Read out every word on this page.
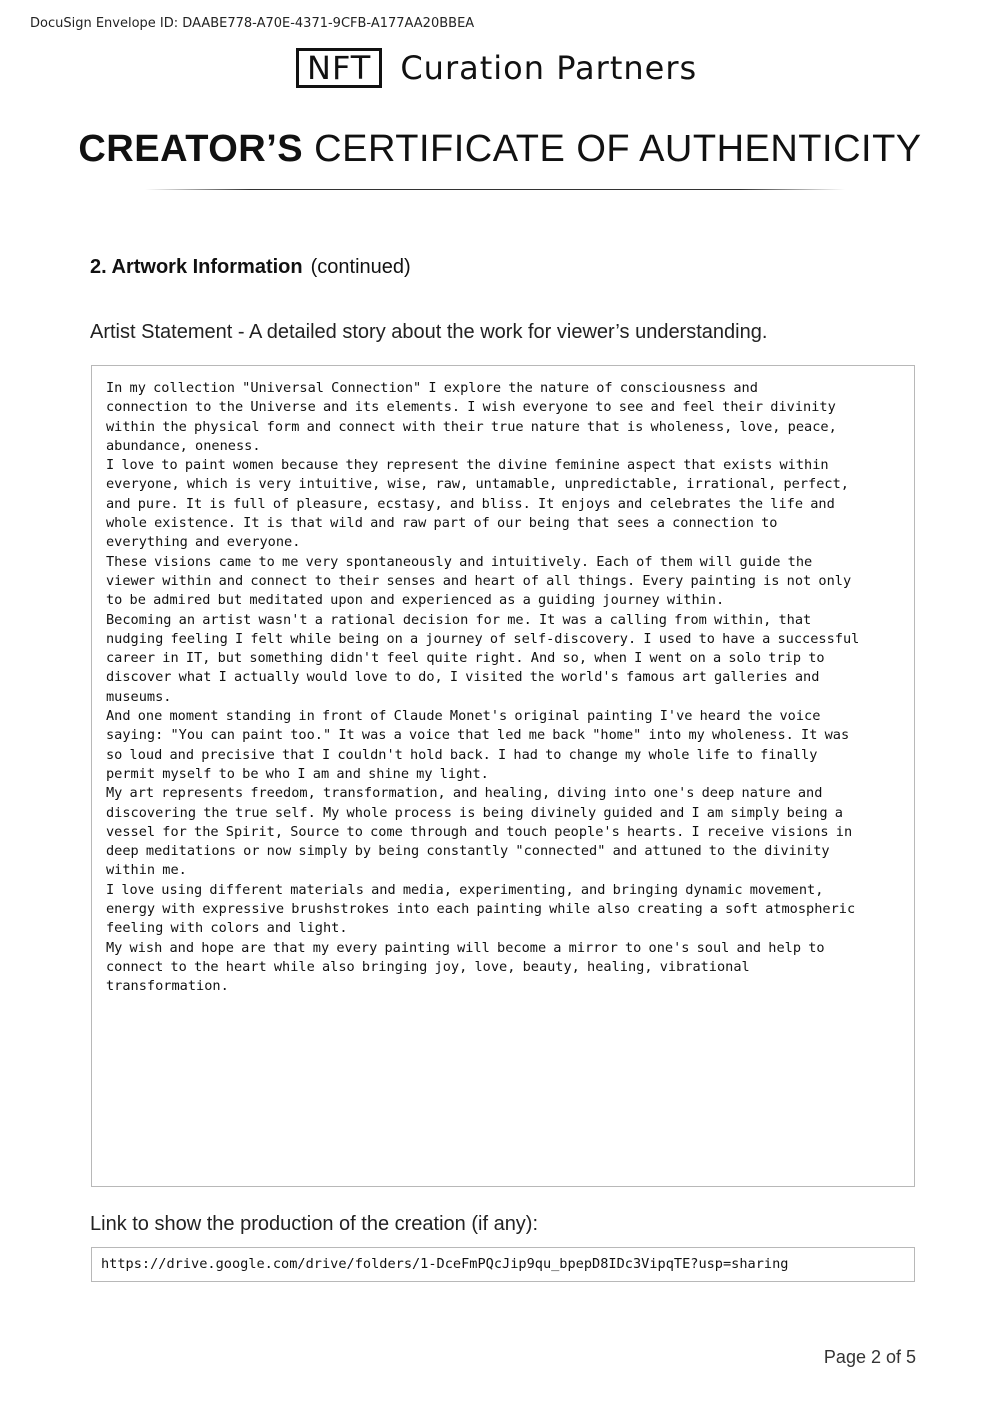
DocuSign Envelope ID: DAABE778-A70E-4371-9CFB-A177AA20BBEA
NFT Curation Partners
CREATOR’S CERTIFICATE OF AUTHENTICITY
2. Artwork Information (continued)
Artist Statement - A detailed story about the work for viewer’s understanding.

In my collection "Universal Connection" I explore the nature of consciousness and
connection to the Universe and its elements. I wish everyone to see and feel their divinity
within the physical form and connect with their true nature that is wholeness, love, peace,
abundance, oneness.
I love to paint women because they represent the divine feminine aspect that exists within
everyone, which is very intuitive, wise, raw, untamable, unpredictable, irrational, perfect,
and pure. It is full of pleasure, ecstasy, and bliss. It enjoys and celebrates the life and
whole existence. It is that wild and raw part of our being that sees a connection to
everything and everyone.
These visions came to me very spontaneously and intuitively. Each of them will guide the
viewer within and connect to their senses and heart of all things. Every painting is not only
to be admired but meditated upon and experienced as a guiding journey within.
Becoming an artist wasn't a rational decision for me. It was a calling from within, that
nudging feeling I felt while being on a journey of self-discovery. I used to have a successful
career in IT, but something didn't feel quite right. And so, when I went on a solo trip to
discover what I actually would love to do, I visited the world's famous art galleries and
museums.
And one moment standing in front of Claude Monet's original painting I've heard the voice
saying: "You can paint too." It was a voice that led me back "home" into my wholeness. It was
so loud and precisive that I couldn't hold back. I had to change my whole life to finally
permit myself to be who I am and shine my light.
My art represents freedom, transformation, and healing, diving into one's deep nature and
discovering the true self. My whole process is being divinely guided and I am simply being a
vessel for the Spirit, Source to come through and touch people's hearts. I receive visions in
deep meditations or now simply by being constantly "connected" and attuned to the divinity
within me.
I love using different materials and media, experimenting, and bringing dynamic movement,
energy with expressive brushstrokes into each painting while also creating a soft atmospheric
feeling with colors and light.
My wish and hope are that my every painting will become a mirror to one's soul and help to
connect to the heart while also bringing joy, love, beauty, healing, vibrational
transformation.

Link to show the production of the creation (if any):
https://drive.google.com/drive/folders/1-DceFmPQcJip9qu_bpepD8IDc3VipqTE?usp=sharing
Page 2 of 5
